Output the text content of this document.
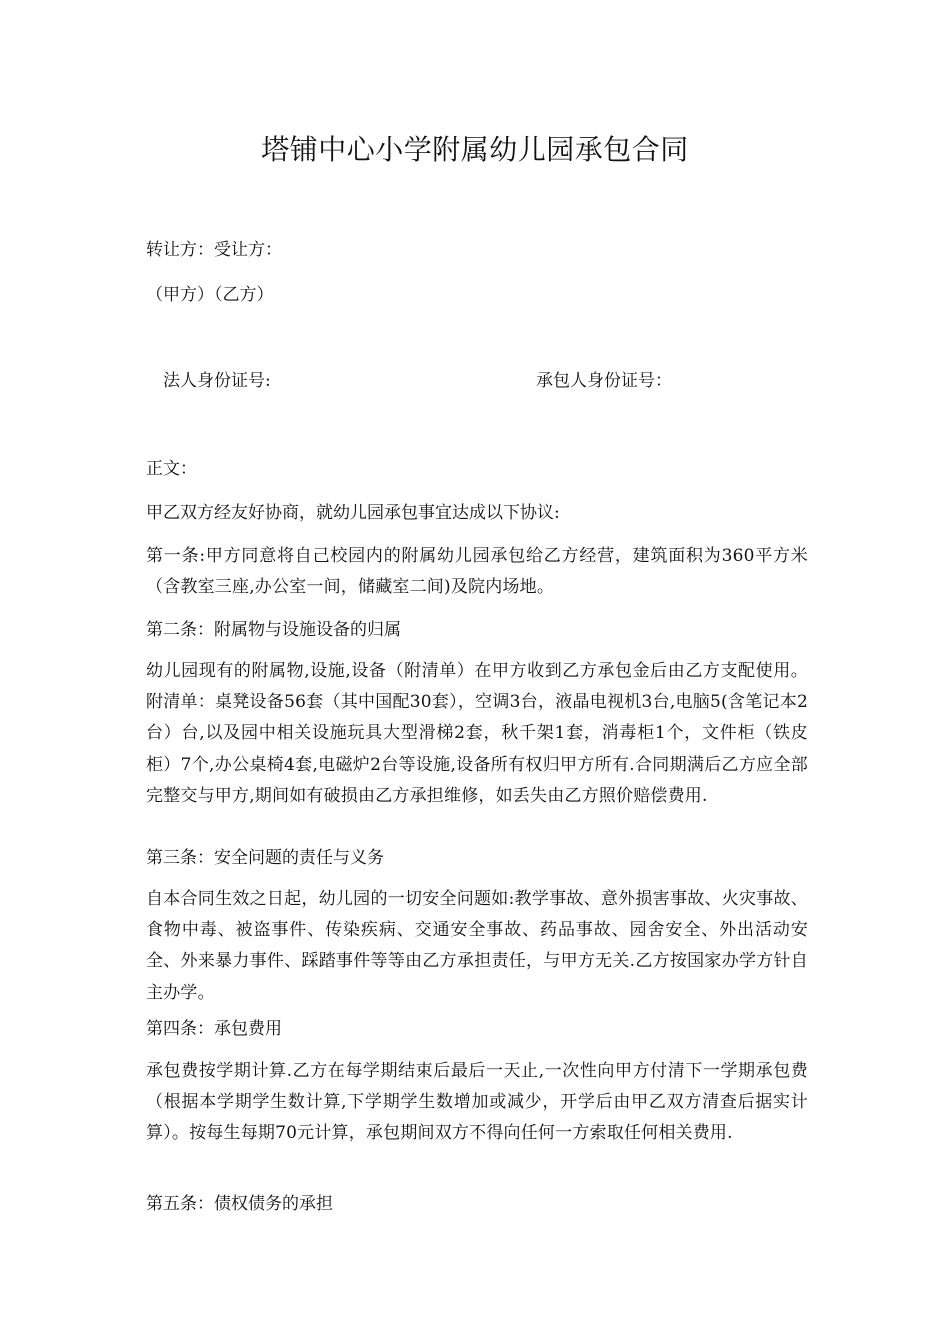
塔铺中心小学附属幼儿园承包合同
转让方：受让方：
（甲方）（乙方）
法人身份证号:	承包人身份证号：
正文：
甲乙双方经友好协商，就幼儿园承包事宜达成以下协议:
第一条:甲方同意将自己校园内的附属幼儿园承包给乙方经营，建筑面积为360平方米（含教室三座,办公室一间，储藏室二间)及院内场地。
第二条：附属物与设施设备的归属
幼儿园现有的附属物,设施,设备（附清单）在甲方收到乙方承包金后由乙方支配使用。附清单：桌凳设备56套（其中国配30套），空调3台，液晶电视机3台,电脑5(含笔记本2台）台,以及园中相关设施玩具大型滑梯2套，秋千架1套，消毒柜1个，文件柜（铁皮柜）7个,办公桌椅4套,电磁炉2台等设施,设备所有权归甲方所有.合同期满后乙方应全部完整交与甲方,期间如有破损由乙方承担维修，如丢失由乙方照价赔偿费用.
第三条：安全问题的责任与义务
自本合同生效之日起，幼儿园的一切安全问题如:教学事故、意外损害事故、火灾事故、食物中毒、被盗事件、传染疾病、交通安全事故、药品事故、园舍安全、外出活动安全、外来暴力事件、踩踏事件等等由乙方承担责任，与甲方无关.乙方按国家办学方针自主办学。
第四条：承包费用
承包费按学期计算.乙方在每学期结束后最后一天止,一次性向甲方付清下一学期承包费（根据本学期学生数计算,下学期学生数增加或减少，开学后由甲乙双方清查后据实计算）。按每生每期70元计算，承包期间双方不得向任何一方索取任何相关费用.
第五条：债权债务的承担
